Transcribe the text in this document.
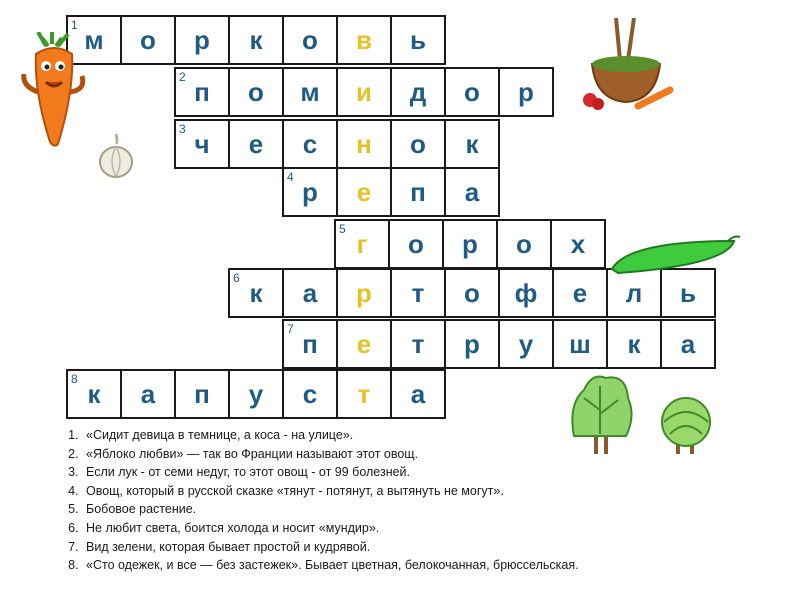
1 м о р к о в ь
2 п о м и д о р
3 ч е с н о к
4 р е п а
5 г о р о х
6 к а р т о ф е л ь
7 п е т р у ш к а
8 к а п у с т а
1. «Сидит девица в темнице, а коса - на улице».
2. «Яблоко любви» — так во Франции называют этот овощ.
3. Если лук - от семи недуг, то этот овощ - от 99 болезней.
4. Овощ, который в русской сказке «тянут - потянут, а вытянуть не могут».
5. Бобовое растение.
6. Не любит света, боится холода и носит «мундир».
7. Вид зелени, которая бывает простой и кудрявой.
8. «Сто одежек, и все — без застежек». Бывает цветная, белокочанная, брюссельская.
